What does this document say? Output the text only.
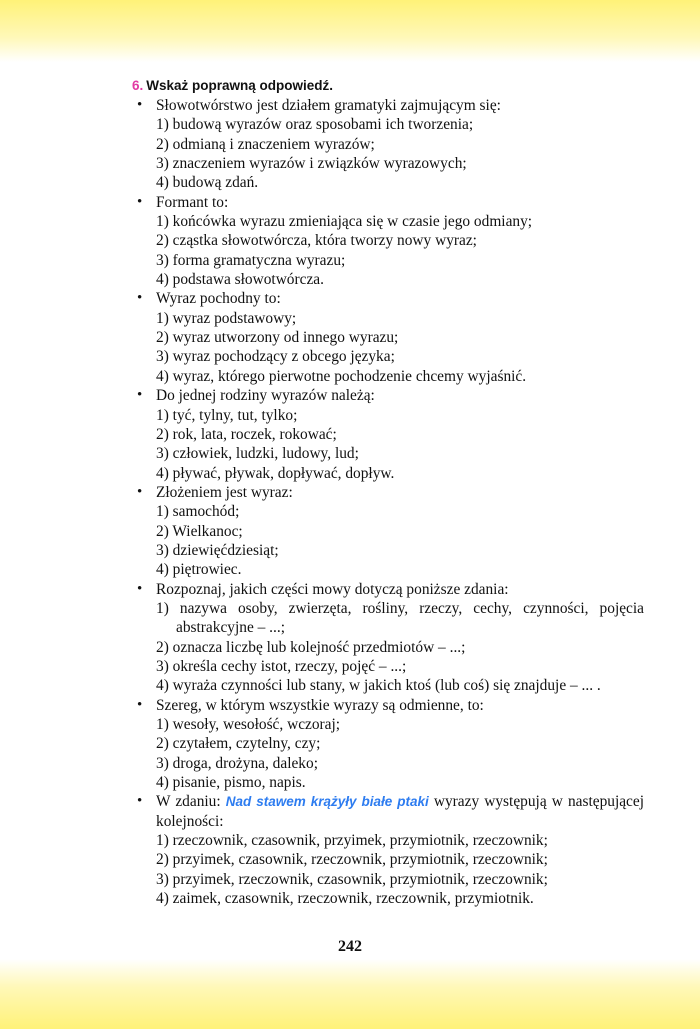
6. Wskaż poprawną odpowiedź.
• Słowotwórstwo jest działem gramatyki zajmującym się:
1) budową wyrazów oraz sposobami ich tworzenia;
2) odmianą i znaczeniem wyrazów;
3) znaczeniem wyrazów i związków wyrazowych;
4) budową zdań.
• Formant to:
1) końcówka wyrazu zmieniająca się w czasie jego odmiany;
2) cząstka słowotwórcza, która tworzy nowy wyraz;
3) forma gramatyczna wyrazu;
4) podstawa słowotwórcza.
• Wyraz pochodny to:
1) wyraz podstawowy;
2) wyraz utworzony od innego wyrazu;
3) wyraz pochodzący z obcego języka;
4) wyraz, którego pierwotne pochodzenie chcemy wyjaśnić.
• Do jednej rodziny wyrazów należą:
1) tyć, tylny, tut, tylko;
2) rok, lata, roczek, rokować;
3) człowiek, ludzki, ludowy, lud;
4) pływać, pływak, dopływać, dopływ.
• Złożeniem jest wyraz:
1) samochód;
2) Wielkanoc;
3) dziewięćdziesiąt;
4) piętrowiec.
• Rozpoznaj, jakich części mowy dotyczą poniższe zdania:
1) nazywa osoby, zwierzęta, rośliny, rzeczy, cechy, czynności, pojęcia abstrakcyjne – ...;
2) oznacza liczbę lub kolejność przedmiotów – ...;
3) określa cechy istot, rzeczy, pojęć – ...;
4) wyraża czynności lub stany, w jakich ktoś (lub coś) się znajduje – ... .
• Szereg, w którym wszystkie wyrazy są odmienne, to:
1) wesoły, wesołość, wczoraj;
2) czytałem, czytelny, czy;
3) droga, drożyna, daleko;
4) pisanie, pismo, napis.
• W zdaniu: Nad stawem krążyły białe ptaki wyrazy występują w następującej kolejności:
1) rzeczownik, czasownik, przyimek, przymiotnik, rzeczownik;
2) przyimek, czasownik, rzeczownik, przymiotnik, rzeczownik;
3) przyimek, rzeczownik, czasownik, przymiotnik, rzeczownik;
4) zaimek, czasownik, rzeczownik, rzeczownik, przymiotnik.
242
